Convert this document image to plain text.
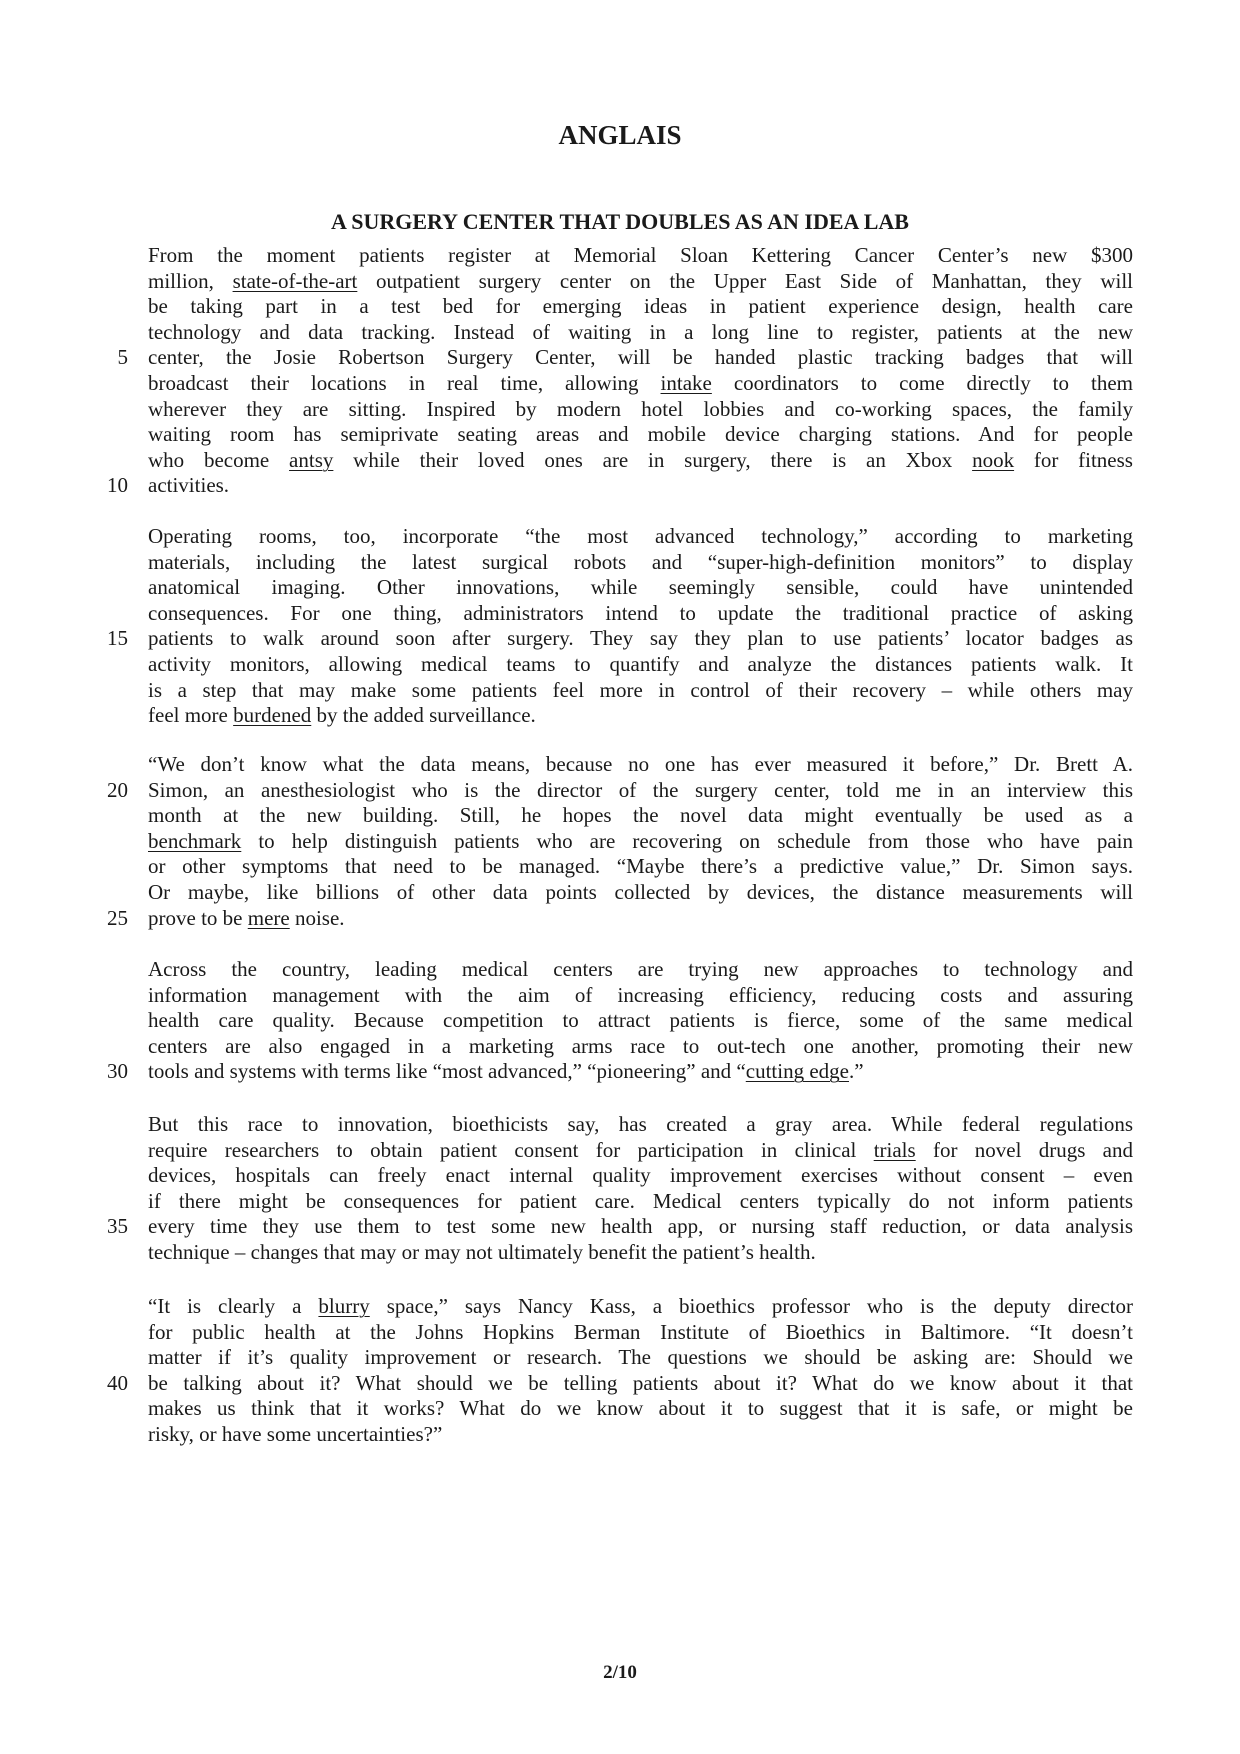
ANGLAIS
A SURGERY CENTER THAT DOUBLES AS AN IDEA LAB
From the moment patients register at Memorial Sloan Kettering Cancer Center’s new $300
million, state-of-the-art outpatient surgery center on the Upper East Side of Manhattan, they will
be taking part in a test bed for emerging ideas in patient experience design, health care
technology and data tracking. Instead of waiting in a long line to register, patients at the new
center, the Josie Robertson Surgery Center, will be handed plastic tracking badges that will
5
broadcast their locations in real time, allowing intake coordinators to come directly to them
wherever they are sitting. Inspired by modern hotel lobbies and co-working spaces, the family
waiting room has semiprivate seating areas and mobile device charging stations. And for people
who become antsy while their loved ones are in surgery, there is an Xbox nook for fitness
activities.
10
Operating rooms, too, incorporate “the most advanced technology,” according to marketing
materials, including the latest surgical robots and “super-high-definition monitors” to display
anatomical imaging. Other innovations, while seemingly sensible, could have unintended
consequences. For one thing, administrators intend to update the traditional practice of asking
patients to walk around soon after surgery. They say they plan to use patients’ locator badges as
15
activity monitors, allowing medical teams to quantify and analyze the distances patients walk. It
is a step that may make some patients feel more in control of their recovery – while others may
feel more burdened by the added surveillance.
“We don’t know what the data means, because no one has ever measured it before,” Dr. Brett A.
Simon, an anesthesiologist who is the director of the surgery center, told me in an interview this
20
month at the new building. Still, he hopes the novel data might eventually be used as a
benchmark to help distinguish patients who are recovering on schedule from those who have pain
or other symptoms that need to be managed. “Maybe there’s a predictive value,” Dr. Simon says.
Or maybe, like billions of other data points collected by devices, the distance measurements will
prove to be mere noise.
25
Across the country, leading medical centers are trying new approaches to technology and
information management with the aim of increasing efficiency, reducing costs and assuring
health care quality. Because competition to attract patients is fierce, some of the same medical
centers are also engaged in a marketing arms race to out-tech one another, promoting their new
tools and systems with terms like “most advanced,” “pioneering” and “cutting edge.”
30
But this race to innovation, bioethicists say, has created a gray area. While federal regulations
require researchers to obtain patient consent for participation in clinical trials for novel drugs and
devices, hospitals can freely enact internal quality improvement exercises without consent – even
if there might be consequences for patient care. Medical centers typically do not inform patients
every time they use them to test some new health app, or nursing staff reduction, or data analysis
35
technique – changes that may or may not ultimately benefit the patient’s health.
“It is clearly a blurry space,” says Nancy Kass, a bioethics professor who is the deputy director
for public health at the Johns Hopkins Berman Institute of Bioethics in Baltimore. “It doesn’t
matter if it’s quality improvement or research. The questions we should be asking are: Should we
be talking about it? What should we be telling patients about it? What do we know about it that
40
makes us think that it works? What do we know about it to suggest that it is safe, or might be
risky, or have some uncertainties?”
2/10
